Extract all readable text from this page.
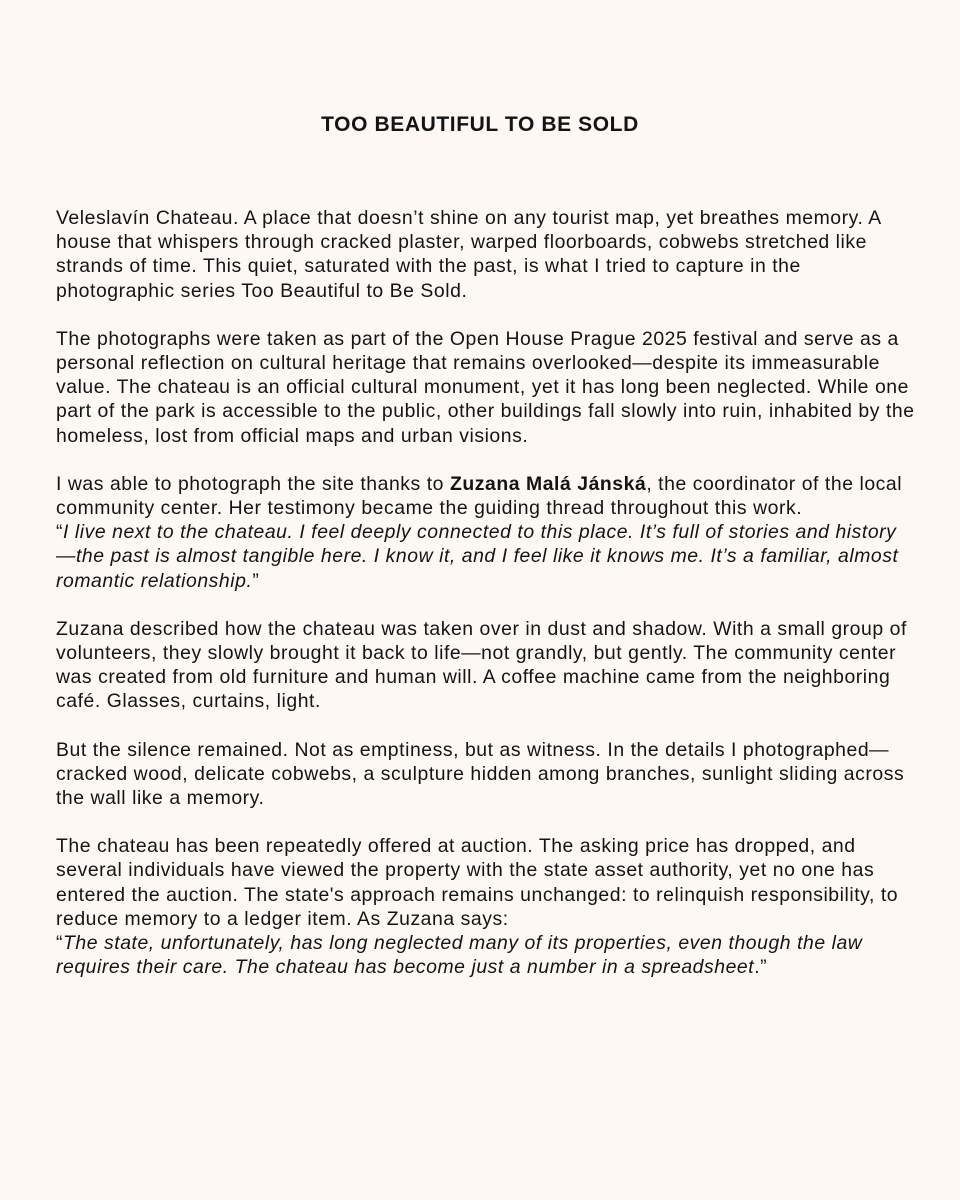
TOO BEAUTIFUL TO BE SOLD

Veleslavín Chateau. A place that doesn’t shine on any tourist map, yet breathes memory. A house that whispers through cracked plaster, warped floorboards, cobwebs stretched like strands of time. This quiet, saturated with the past, is what I tried to capture in the photographic series Too Beautiful to Be Sold.

The photographs were taken as part of the Open House Prague 2025 festival and serve as a personal reflection on cultural heritage that remains overlooked—despite its immeasurable value. The chateau is an official cultural monument, yet it has long been neglected. While one part of the park is accessible to the public, other buildings fall slowly into ruin, inhabited by the homeless, lost from official maps and urban visions.

I was able to photograph the site thanks to Zuzana Malá Jánská, the coordinator of the local community center. Her testimony became the guiding thread throughout this work.
“I live next to the chateau. I feel deeply connected to this place. It’s full of stories and history—the past is almost tangible here. I know it, and I feel like it knows me. It’s a familiar, almost romantic relationship.”

Zuzana described how the chateau was taken over in dust and shadow. With a small group of volunteers, they slowly brought it back to life—not grandly, but gently. The community center was created from old furniture and human will. A coffee machine came from the neighboring café. Glasses, curtains, light.

But the silence remained. Not as emptiness, but as witness. In the details I photographed—cracked wood, delicate cobwebs, a sculpture hidden among branches, sunlight sliding across the wall like a memory.

The chateau has been repeatedly offered at auction. The asking price has dropped, and several individuals have viewed the property with the state asset authority, yet no one has entered the auction. The state's approach remains unchanged: to relinquish responsibility, to reduce memory to a ledger item. As Zuzana says:
“The state, unfortunately, has long neglected many of its properties, even though the law requires their care. The chateau has become just a number in a spreadsheet.”
